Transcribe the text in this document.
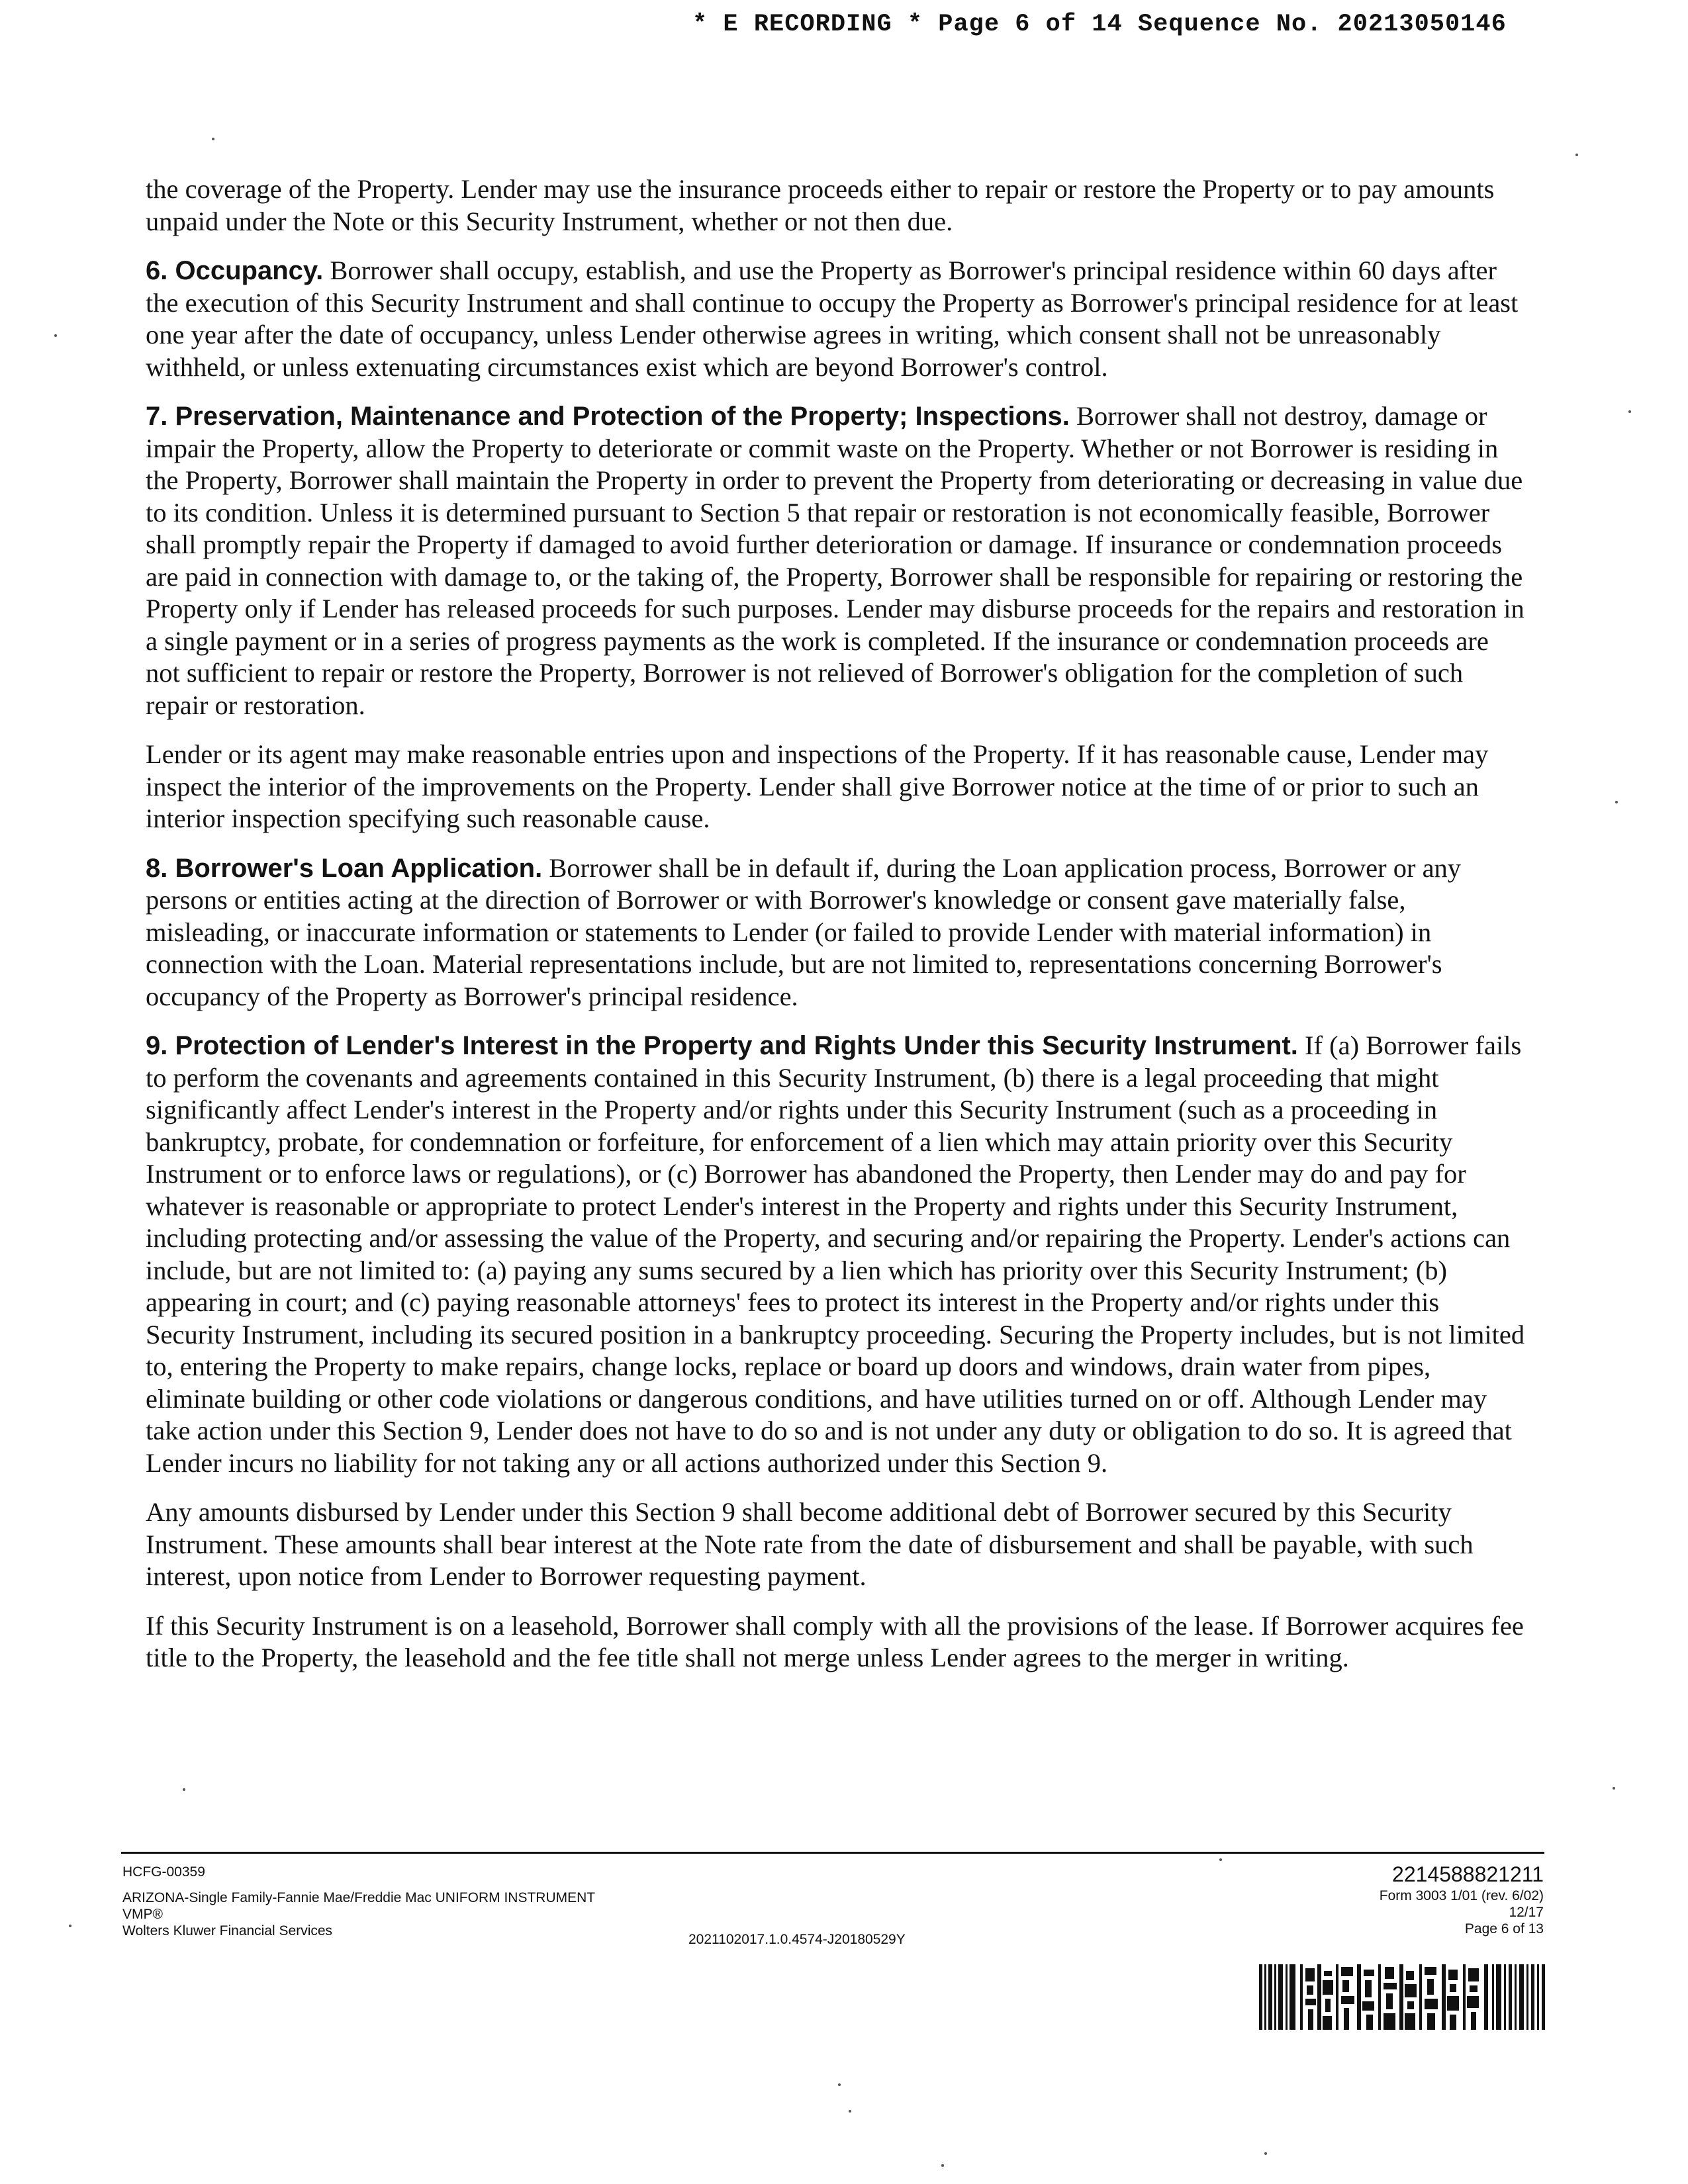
* E RECORDING * Page 6 of 14 Sequence No. 20213050146

the coverage of the Property. Lender may use the insurance proceeds either to repair or restore the Property or to pay amounts unpaid under the Note or this Security Instrument, whether or not then due.

6. Occupancy. Borrower shall occupy, establish, and use the Property as Borrower's principal residence within 60 days after the execution of this Security Instrument and shall continue to occupy the Property as Borrower's principal residence for at least one year after the date of occupancy, unless Lender otherwise agrees in writing, which consent shall not be unreasonably withheld, or unless extenuating circumstances exist which are beyond Borrower's control.

7. Preservation, Maintenance and Protection of the Property; Inspections. Borrower shall not destroy, damage or impair the Property, allow the Property to deteriorate or commit waste on the Property. Whether or not Borrower is residing in the Property, Borrower shall maintain the Property in order to prevent the Property from deteriorating or decreasing in value due to its condition. Unless it is determined pursuant to Section 5 that repair or restoration is not economically feasible, Borrower shall promptly repair the Property if damaged to avoid further deterioration or damage. If insurance or condemnation proceeds are paid in connection with damage to, or the taking of, the Property, Borrower shall be responsible for repairing or restoring the Property only if Lender has released proceeds for such purposes. Lender may disburse proceeds for the repairs and restoration in a single payment or in a series of progress payments as the work is completed. If the insurance or condemnation proceeds are not sufficient to repair or restore the Property, Borrower is not relieved of Borrower's obligation for the completion of such repair or restoration.

Lender or its agent may make reasonable entries upon and inspections of the Property. If it has reasonable cause, Lender may inspect the interior of the improvements on the Property. Lender shall give Borrower notice at the time of or prior to such an interior inspection specifying such reasonable cause.

8. Borrower's Loan Application. Borrower shall be in default if, during the Loan application process, Borrower or any persons or entities acting at the direction of Borrower or with Borrower's knowledge or consent gave materially false, misleading, or inaccurate information or statements to Lender (or failed to provide Lender with material information) in connection with the Loan. Material representations include, but are not limited to, representations concerning Borrower's occupancy of the Property as Borrower's principal residence.

9. Protection of Lender's Interest in the Property and Rights Under this Security Instrument. If (a) Borrower fails to perform the covenants and agreements contained in this Security Instrument, (b) there is a legal proceeding that might significantly affect Lender's interest in the Property and/or rights under this Security Instrument (such as a proceeding in bankruptcy, probate, for condemnation or forfeiture, for enforcement of a lien which may attain priority over this Security Instrument or to enforce laws or regulations), or (c) Borrower has abandoned the Property, then Lender may do and pay for whatever is reasonable or appropriate to protect Lender's interest in the Property and rights under this Security Instrument, including protecting and/or assessing the value of the Property, and securing and/or repairing the Property. Lender's actions can include, but are not limited to: (a) paying any sums secured by a lien which has priority over this Security Instrument; (b) appearing in court; and (c) paying reasonable attorneys' fees to protect its interest in the Property and/or rights under this Security Instrument, including its secured position in a bankruptcy proceeding. Securing the Property includes, but is not limited to, entering the Property to make repairs, change locks, replace or board up doors and windows, drain water from pipes, eliminate building or other code violations or dangerous conditions, and have utilities turned on or off. Although Lender may take action under this Section 9, Lender does not have to do so and is not under any duty or obligation to do so. It is agreed that Lender incurs no liability for not taking any or all actions authorized under this Section 9.

Any amounts disbursed by Lender under this Section 9 shall become additional debt of Borrower secured by this Security Instrument. These amounts shall bear interest at the Note rate from the date of disbursement and shall be payable, with such interest, upon notice from Lender to Borrower requesting payment.

If this Security Instrument is on a leasehold, Borrower shall comply with all the provisions of the lease. If Borrower acquires fee title to the Property, the leasehold and the fee title shall not merge unless Lender agrees to the merger in writing.

HCFG-00359
ARIZONA-Single Family-Fannie Mae/Freddie Mac UNIFORM INSTRUMENT
VMP®
Wolters Kluwer Financial Services
2021102017.1.0.4574-J20180529Y
2214588821211
Form 3003 1/01 (rev. 6/02)
12/17
Page 6 of 13
